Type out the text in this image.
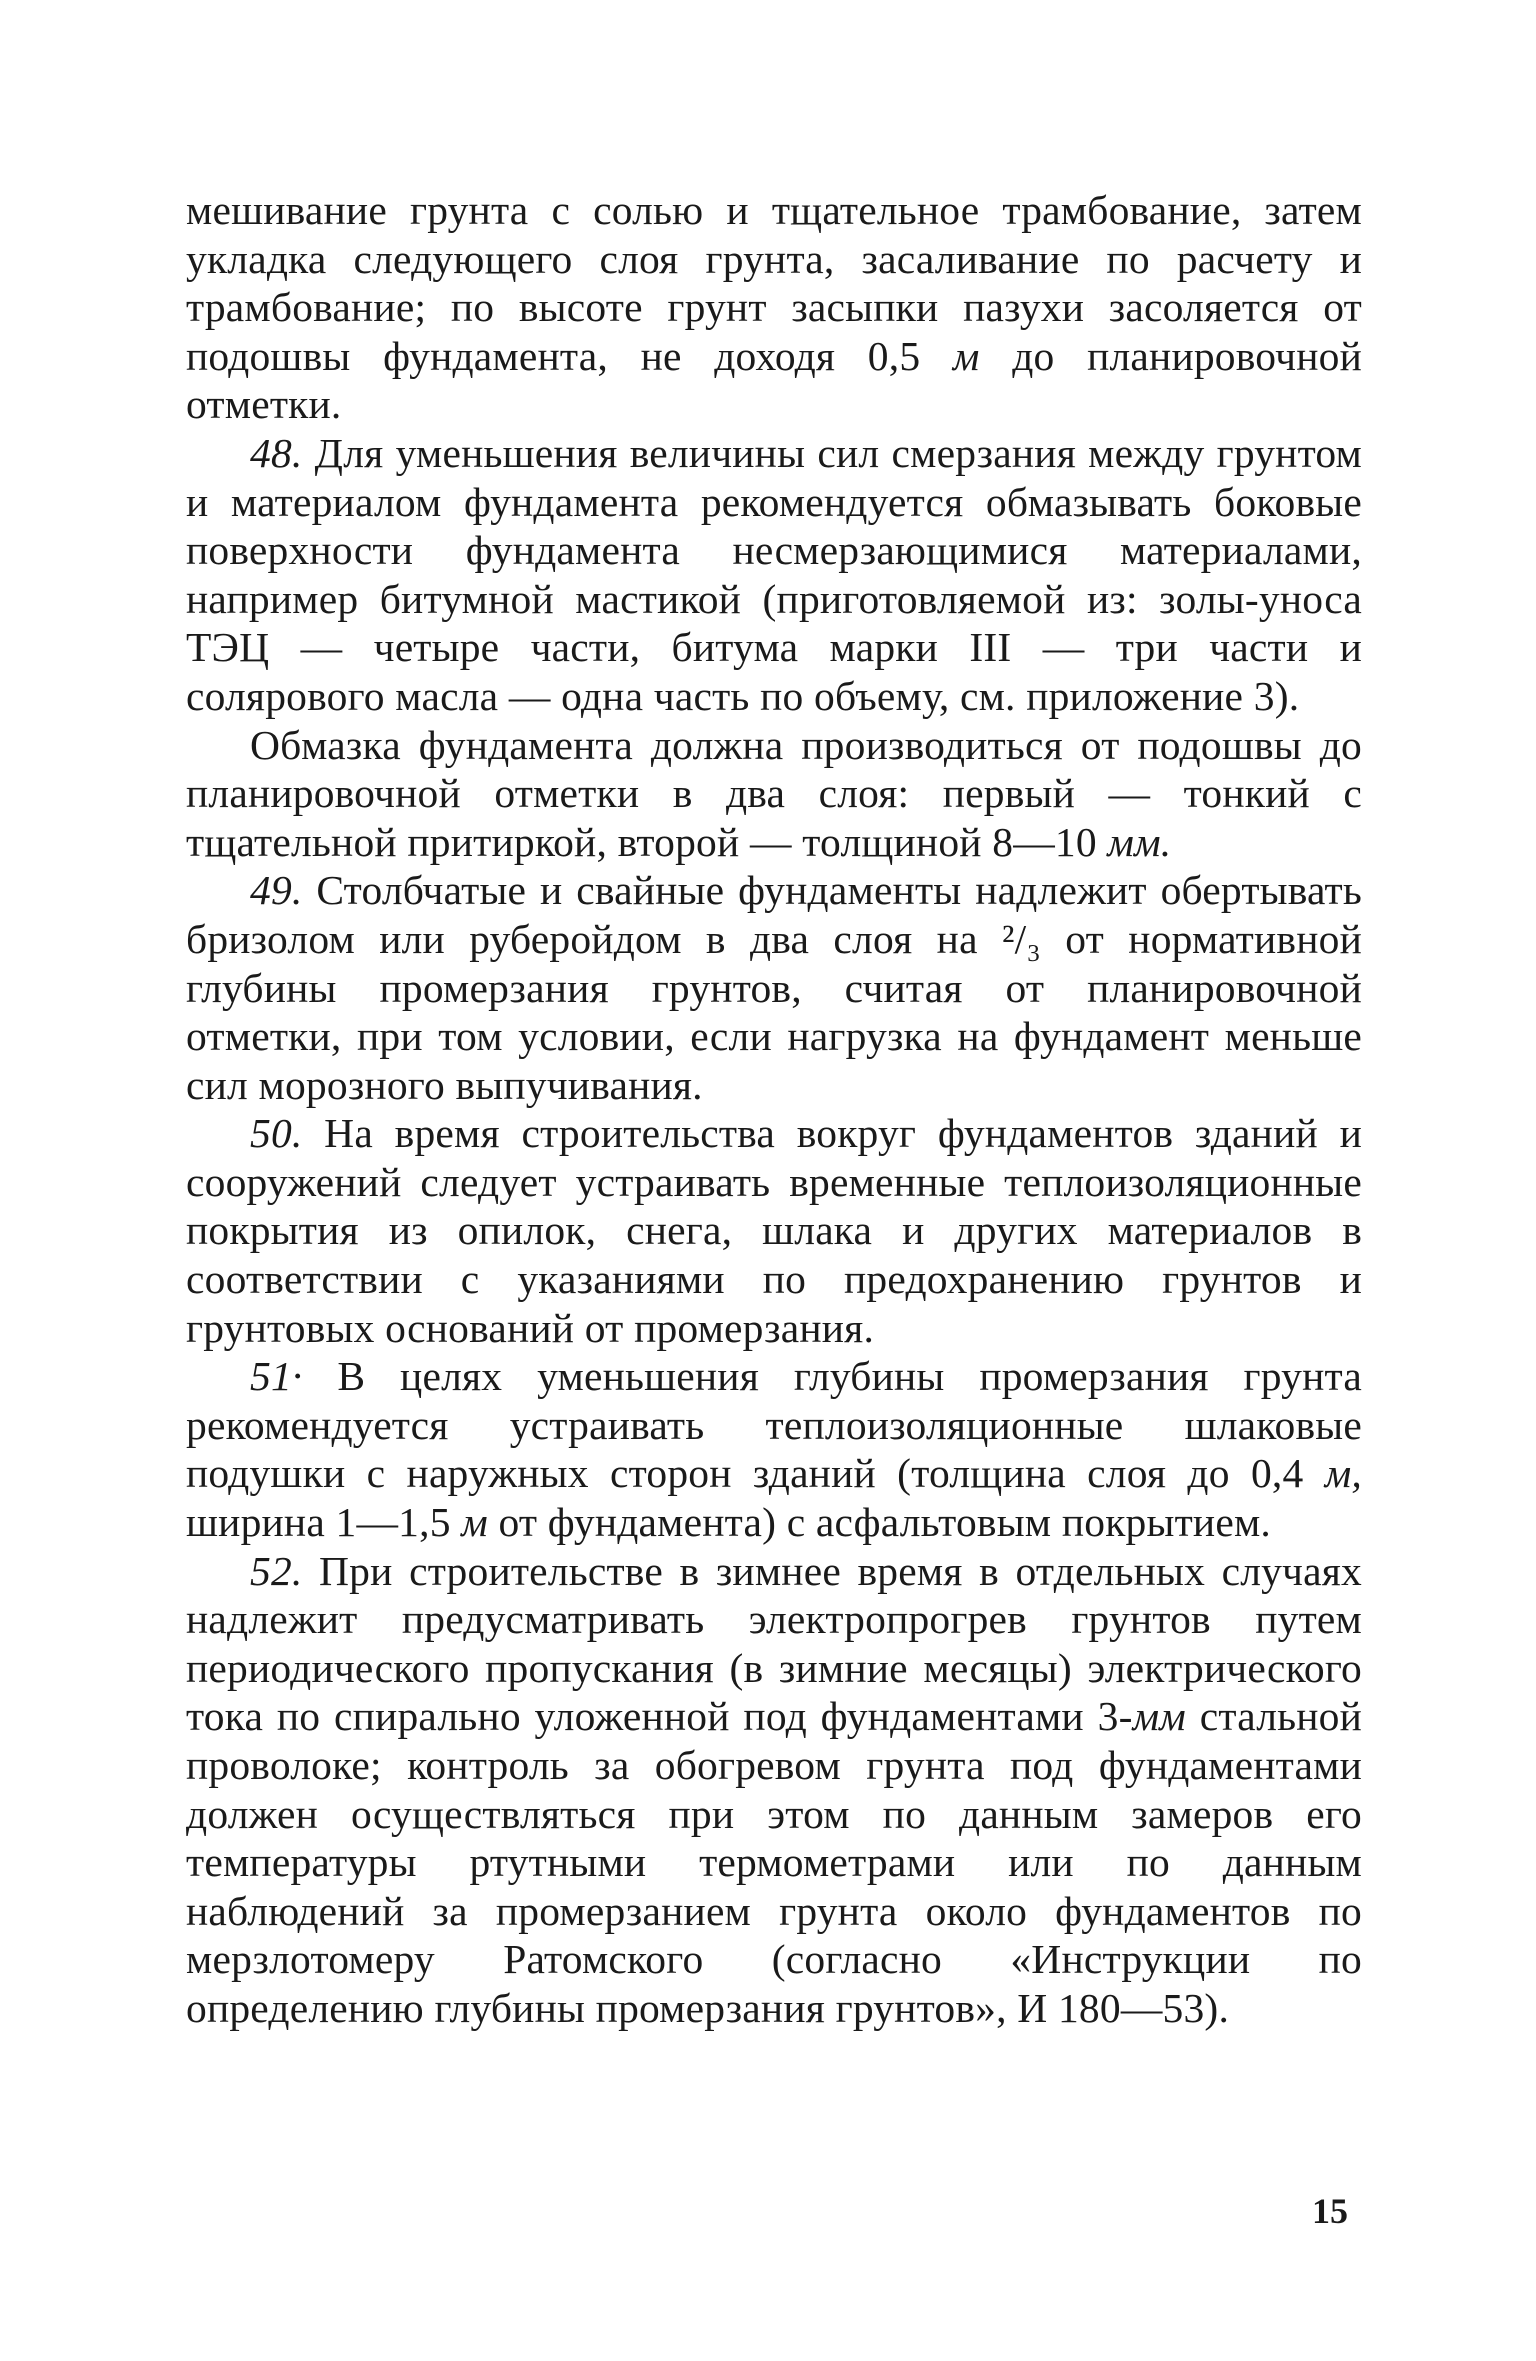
мешивание грунта с солью и тщательное трамбование, затем укладка следующего слоя грунта, засаливание по расчету и трамбование; по высоте грунт засыпки пазухи засоляется от подошвы фундамента, не доходя 0,5 м до планировочной отметки.

48. Для уменьшения величины сил смерзания между грунтом и материалом фундамента рекомендуется обмазывать боковые поверхности фундамента несмерзающимися материалами, например битумной мастикой (приготовляемой из: золы-уноса ТЭЦ — четыре части, битума марки III — три части и солярового масла — одна часть по объему, см. приложение 3).

Обмазка фундамента должна производиться от подошвы до планировочной отметки в два слоя: первый — тонкий с тщательной притиркой, второй — толщиной 8—10 мм.

49. Столбчатые и свайные фундаменты надлежит обертывать бризолом или руберойдом в два слоя на ²/₃ от нормативной глубины промерзания грунтов, считая от планировочной отметки, при том условии, если нагрузка на фундамент меньше сил морозного выпучивания.

50. На время строительства вокруг фундаментов зданий и сооружений следует устраивать временные теплоизоляционные покрытия из опилок, снега, шлака и других материалов в соответствии с указаниями по предохранению грунтов и грунтовых оснований от промерзания.

51· В целях уменьшения глубины промерзания грунта рекомендуется устраивать теплоизоляционные шлаковые подушки с наружных сторон зданий (толщина слоя до 0,4 м, ширина 1—1,5 м от фундамента) с асфальтовым покрытием.

52. При строительстве в зимнее время в отдельных случаях надлежит предусматривать электропрогрев грунтов путем периодического пропускания (в зимние месяцы) электрического тока по спирально уложенной под фундаментами 3-мм стальной проволоке; контроль за обогревом грунта под фундаментами должен осуществляться при этом по данным замеров его температуры ртутными термометрами или по данным наблюдений за промерзанием грунта около фундаментов по мерзлотомеру Ратомского (согласно «Инструкции по определению глубины промерзания грунтов», И 180—53).

15
